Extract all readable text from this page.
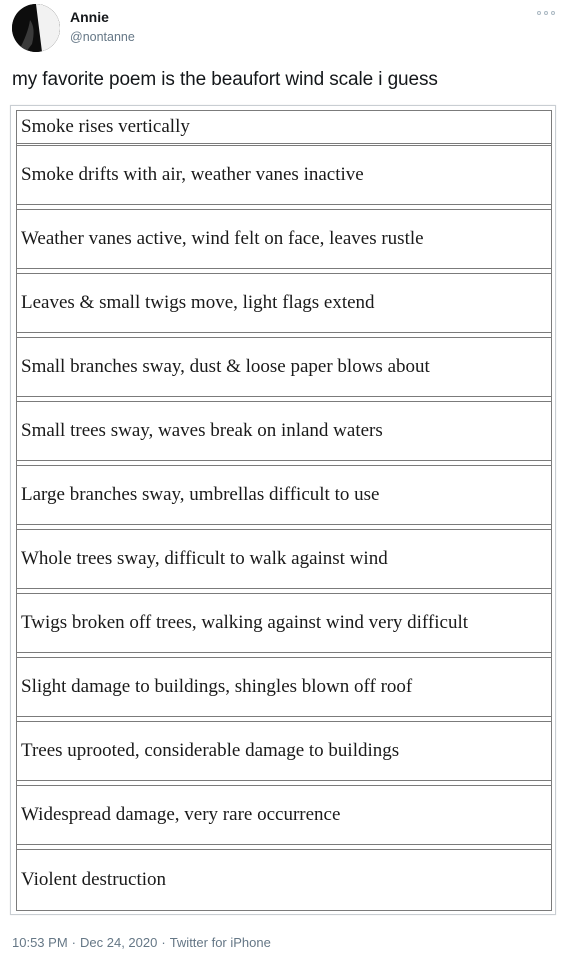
Annie
@nontanne
my favorite poem is the beaufort wind scale i guess
Smoke rises vertically
Smoke drifts with air, weather vanes inactive
Weather vanes active, wind felt on face, leaves rustle
Leaves & small twigs move, light flags extend
Small branches sway, dust & loose paper blows about
Small trees sway, waves break on inland waters
Large branches sway, umbrellas difficult to use
Whole trees sway, difficult to walk against wind
Twigs broken off trees, walking against wind very difficult
Slight damage to buildings, shingles blown off roof
Trees uprooted, considerable damage to buildings
Widespread damage, very rare occurrence
Violent destruction
10:53 PM · Dec 24, 2020 · Twitter for iPhone
